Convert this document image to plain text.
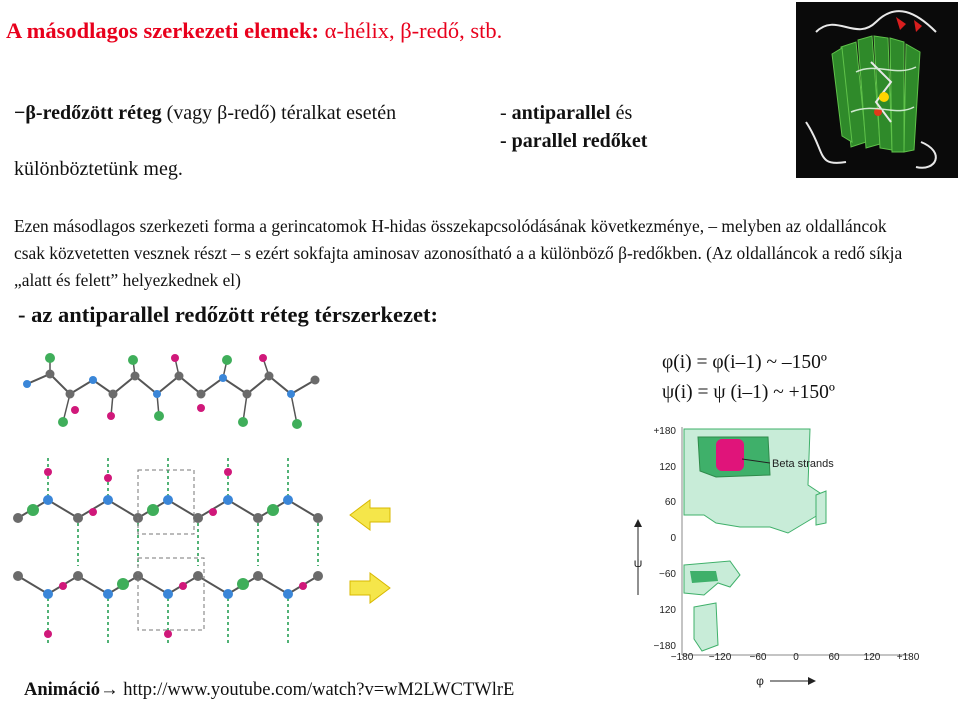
A másodlagos szerkezeti elemek: α-hélix, β-redő, stb.
−β-redőzött réteg (vagy β-redő) téralkat esetén
különböztetünk meg.
- antiparallel és
- parallel redőket
Ezen másodlagos szerkezeti forma a gerincatomok H-hidas összekapcsolódásának következménye, – melyben az oldalláncok csak közvetetten vesznek részt – s ezért sokfajta aminosav azonosítható a a különböző β-redőkben. (Az oldalláncok a redő síkja „alatt és felett” helyezkednek el)
- az antiparallel redőzött réteg térszerkezet:
φ(i) = φ(i–1) ~ –150º
ψ(i) = ψ (i–1) ~ +150º
Beta strands
+180
120
60
0
−60
120
−180
−180 −120 −60	0	60 120 +180
ψ
φ
Animáció→ http://www.youtube.com/watch?v=wM2LWCTWlrE
